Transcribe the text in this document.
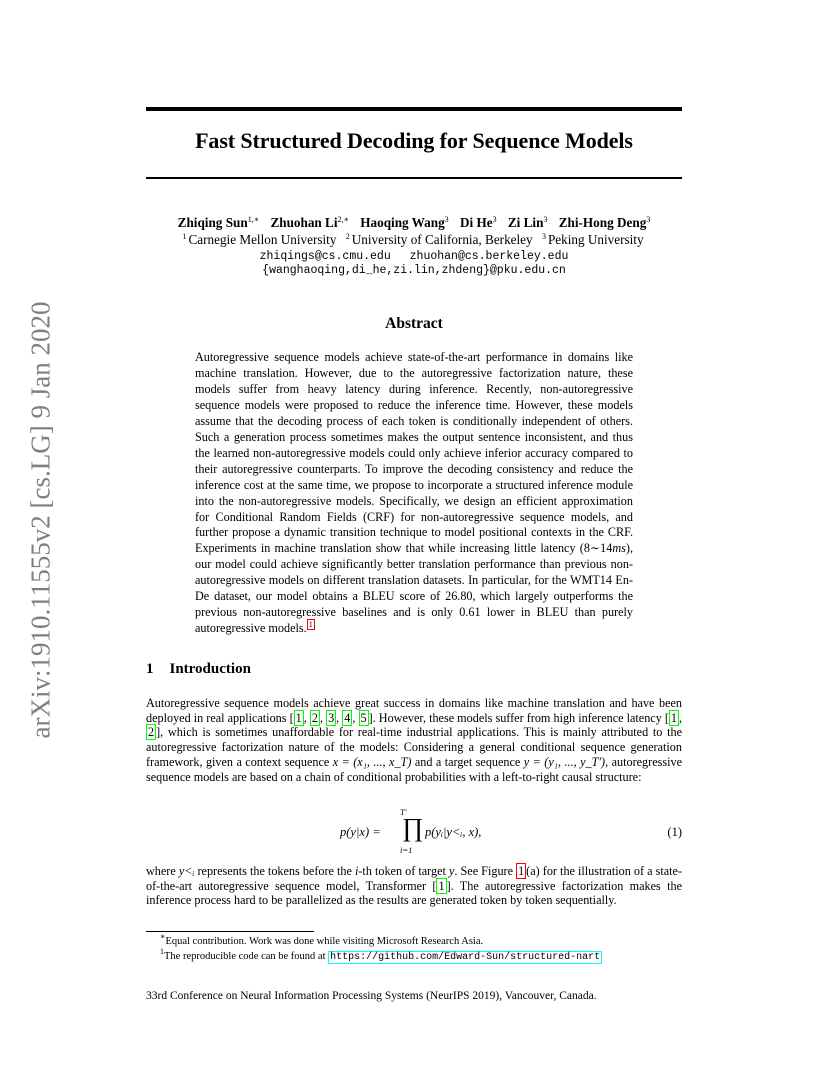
arXiv:1910.11555v2 [cs.LG] 9 Jan 2020
Fast Structured Decoding for Sequence Models
Zhiqing Sun$^{1,∗}$ Zhuohan $Li^{2,∗}$ Haoqing Wang$^3$ Di He$^3$ Zi Lin$^3$ Zhi-Hong Deng$^3$
$^1$ Carnegie Mellon University $^2$ University of California, Berkeley $^3$ Peking University
zhiqings@cs.cmu.edu zhuohan@cs.berkeley.edu
{wanghaoqing,di_he,zi.lin,zhdeng}@pku.edu.cn
Abstract
Autoregressive sequence models achieve state-of-the-art performance in domains like machine translation. However, due to the autoregressive factorization nature, these models suffer from heavy latency during inference. Recently, non-autoregressive sequence models were proposed to reduce the inference time. However, these models assume that the decoding process of each token is conditionally independent of others. Such a generation process sometimes makes the output sentence inconsistent, and thus the learned non-autoregressive models could only achieve inferior accuracy compared to their autoregressive counterparts. To improve the decoding consistency and reduce the inference cost at the same time, we propose to incorporate a structured inference module into the non-autoregressive models. Specifically, we design an efficient approximation for Conditional Random Fields (CRF) for non-autoregressive sequence models, and further propose a dynamic transition technique to model positional contexts in the CRF. Experiments in machine translation show that while increasing little latency (8∼14ms), our model could achieve significantly better translation performance than previous non-autoregressive models on different translation datasets. In particular, for the WMT14 En-De dataset, our model obtains a BLEU score of 26.80, which largely outperforms the previous non-autoregressive baselines and is only 0.61 lower in BLEU than purely autoregressive models. $^1$
1 Introduction
Autoregressive sequence models achieve great success in domains like machine translation and have been deployed in real applications [ 1 , 2 , 3 , 4 , 5 ]. However, these models suffer from high inference latency [ 1 , 2 ], which is sometimes unaffordable for real-time industrial applications. This is mainly attributed to the autoregressive factorization nature of the models: Considering a general conditional sequence generation framework, given a context sequence x = (x₁, ..., x_T) and a target sequence y = (y₁, ..., y_T′), autoregressive sequence models are based on a chain of conditional probabilities with a left-to-right causal structure:
p(y|x) =
T′
∏
i=1
p(yᵢ|y<ᵢ, x),	(1)
where y<ᵢ represents the tokens before the i-th token of target y. See Figure 1 (a) for the illustration of a state-of-the-art autoregressive sequence model, Transformer [ 1 ]. The autoregressive factorization makes the inference process hard to be parallelized as the results are generated token by token sequentially.
∗Equal contribution. Work was done while visiting Microsoft Research Asia.
$^1$The reproducible code can be found at https://github.com/Edward-Sun/structured-nart
33rd Conference on Neural Information Processing Systems (NeurIPS 2019), Vancouver, Canada.
